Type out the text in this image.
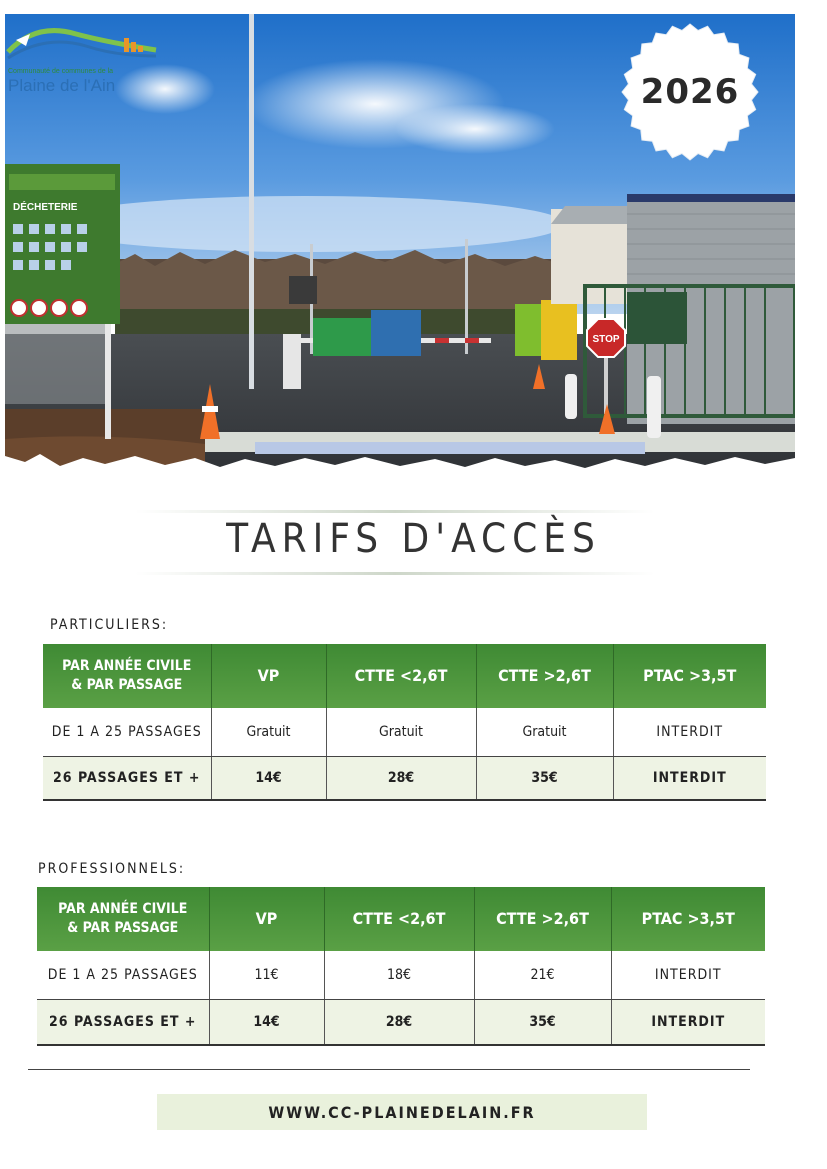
DÉCHETERIE
STOP
Communauté de communes de la
Plaine de l'Ain	2026
TARIFS D'ACCÈS
PARTICULIERS:
PAR ANNÉE CIVILE
& PAR PASSAGE	VP	CTTE <2,6T	CTTE >2,6T	PTAC >3,5T
DE 1 A 25 PASSAGES	Gratuit	Gratuit	Gratuit	INTERDIT
26 PASSAGES ET +	14€	28€	35€	INTERDIT
PROFESSIONNELS:
PAR ANNÉE CIVILE
& PAR PASSAGE	VP	CTTE <2,6T	CTTE >2,6T	PTAC >3,5T
DE 1 A 25 PASSAGES	11€	18€	21€	INTERDIT
26 PASSAGES ET +	14€	28€	35€	INTERDIT
WWW.CC-PLAINEDELAIN.FR
